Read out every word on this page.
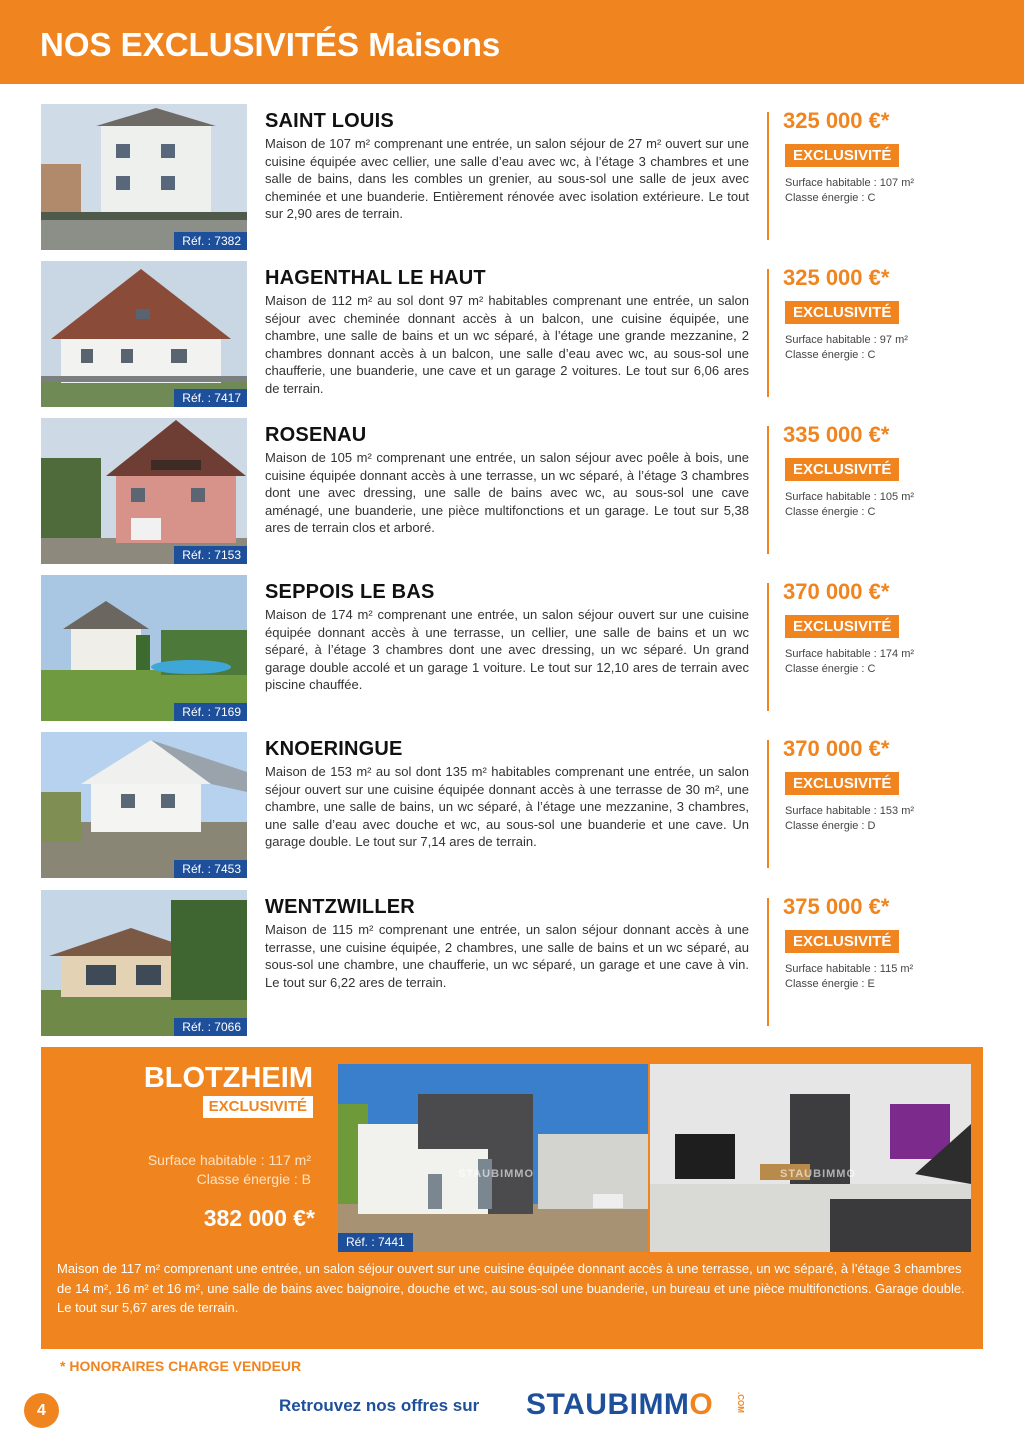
NOS EXCLUSIVITÉS Maisons
Réf. : 7382
SAINT LOUIS

Maison de 107 m² comprenant une entrée, un salon séjour de 27 m² ouvert sur une cuisine équipée avec cellier, une salle d’eau avec wc, à l’étage 3 chambres et une salle de bains, dans les combles un grenier, au sous-sol une salle de jeux avec cheminée et une buanderie. Entièrement rénovée avec isolation extérieure. Le tout sur 2,90 ares de terrain.

325 000 €*
EXCLUSIVITÉ
Surface habitable : 107 m²
Classe énergie : C
Réf. : 7417
HAGENTHAL LE HAUT

Maison de 112 m² au sol dont 97 m² habitables comprenant une entrée, un salon séjour avec cheminée donnant accès à un balcon, une cuisine équipée, une chambre, une salle de bains et un wc séparé, à l’étage une grande mezzanine, 2 chambres donnant accès à un balcon, une salle d’eau avec wc, au sous-sol une chaufferie, une buanderie, une cave et un garage 2 voitures. Le tout sur 6,06 ares de terrain.

325 000 €*
EXCLUSIVITÉ
Surface habitable : 97 m²
Classe énergie : C
Réf. : 7153
ROSENAU

Maison de 105 m² comprenant une entrée, un salon séjour avec poêle à bois, une cuisine équipée donnant accès à une terrasse, un wc séparé, à l’étage 3 chambres dont une avec dressing, une salle de bains avec wc, au sous-sol une cave aménagé, une buanderie, une pièce multifonctions et un garage. Le tout sur 5,38 ares de terrain clos et arboré.

335 000 €*
EXCLUSIVITÉ
Surface habitable : 105 m²
Classe énergie : C
Réf. : 7169
SEPPOIS LE BAS

Maison de 174 m² comprenant une entrée, un salon séjour ouvert sur une cuisine équipée donnant accès à une terrasse, un cellier, une salle de bains et un wc séparé, à l’étage 3 chambres dont une avec dressing, un wc séparé. Un grand garage double accolé et un garage 1 voiture. Le tout sur 12,10 ares de terrain avec piscine chauffée.

370 000 €*
EXCLUSIVITÉ
Surface habitable : 174 m²
Classe énergie : C
Réf. : 7453
KNOERINGUE

Maison de 153 m² au sol dont 135 m² habitables comprenant une entrée, un salon séjour ouvert sur une cuisine équipée donnant accès à une terrasse de 30 m², une chambre, une salle de bains, un wc séparé, à l’étage une mezzanine, 3 chambres, une salle d’eau avec douche et wc, au sous-sol une buanderie et une cave. Un garage double. Le tout sur 7,14 ares de terrain.

370 000 €*
EXCLUSIVITÉ
Surface habitable : 153 m²
Classe énergie : D
Réf. : 7066
WENTZWILLER

Maison de 115 m² comprenant une entrée, un salon séjour donnant accès à une terrasse, une cuisine équipée, 2 chambres, une salle de bains et un wc séparé, au sous-sol une chambre, une chaufferie, un wc séparé, un garage et une cave à vin. Le tout sur 6,22 ares de terrain.

375 000 €*
EXCLUSIVITÉ
Surface habitable : 115 m²
Classe énergie : E
BLOTZHEIM
EXCLUSIVITÉ
Surface habitable : 117 m²
Classe énergie : B
382 000 €*
STAUBIMMO	STAUBIMMO
Réf. : 7441
Maison de 117 m² comprenant une entrée, un salon séjour ouvert sur une cuisine équipée donnant accès à une terrasse, un wc séparé, à l’étage 3 chambres de 14 m², 16 m² et 16 m², une salle de bains avec baignoire, douche et wc, au sous-sol une buanderie, un bureau et une pièce multifonctions. Garage double. Le tout sur 5,67 ares de terrain.
* HONORAIRES CHARGE VENDEUR
4	Retrouvez nos offres sur STAUBIMMO	.COM
